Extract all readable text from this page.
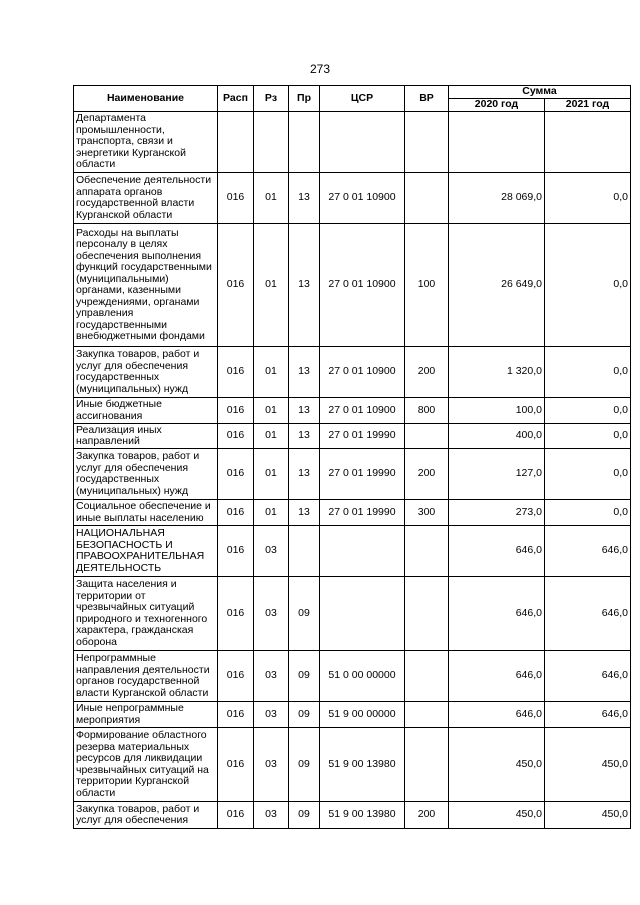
273
Наименование	Расп	Рз	Пр	ЦСР	ВР	Сумма	
						2020 год	2021 год
Департамента промышленности, транспорта, связи и энергетики Курганской области							
Обеспечение деятельности аппарата органов государственной власти Курганской области	016	01	13	27 0 01 10900		28 069,0	0,0
Расходы на выплаты персоналу в целях обеспечения выполнения функций государственными (муниципальными) органами, казенными учреждениями, органами управления государственными внебюджетными фондами	016	01	13	27 0 01 10900	100	26 649,0	0,0
Закупка товаров, работ и услуг для обеспечения государственных (муниципальных) нужд	016	01	13	27 0 01 10900	200	1 320,0	0,0
Иные бюджетные ассигнования	016	01	13	27 0 01 10900	800	100,0	0,0
Реализация иных направлений	016	01	13	27 0 01 19990		400,0	0,0
Закупка товаров, работ и услуг для обеспечения государственных (муниципальных) нужд	016	01	13	27 0 01 19990	200	127,0	0,0
Социальное обеспечение и иные выплаты населению	016	01	13	27 0 01 19990	300	273,0	0,0
НАЦИОНАЛЬНАЯ БЕЗОПАСНОСТЬ И ПРАВООХРАНИТЕЛЬНАЯ ДЕЯТЕЛЬНОСТЬ	016	03				646,0	646,0
Защита населения и территории от чрезвычайных ситуаций природного и техногенного характера, гражданская оборона	016	03	09			646,0	646,0
Непрограммные направления деятельности органов государственной власти Курганской области	016	03	09	51 0 00 00000		646,0	646,0
Иные непрограммные мероприятия	016	03	09	51 9 00 00000		646,0	646,0
Формирование областного резерва материальных ресурсов для ликвидации чрезвычайных ситуаций на территории Курганской области	016	03	09	51 9 00 13980		450,0	450,0
Закупка товаров, работ и услуг для обеспечения	016	03	09	51 9 00 13980	200	450,0	450,0
